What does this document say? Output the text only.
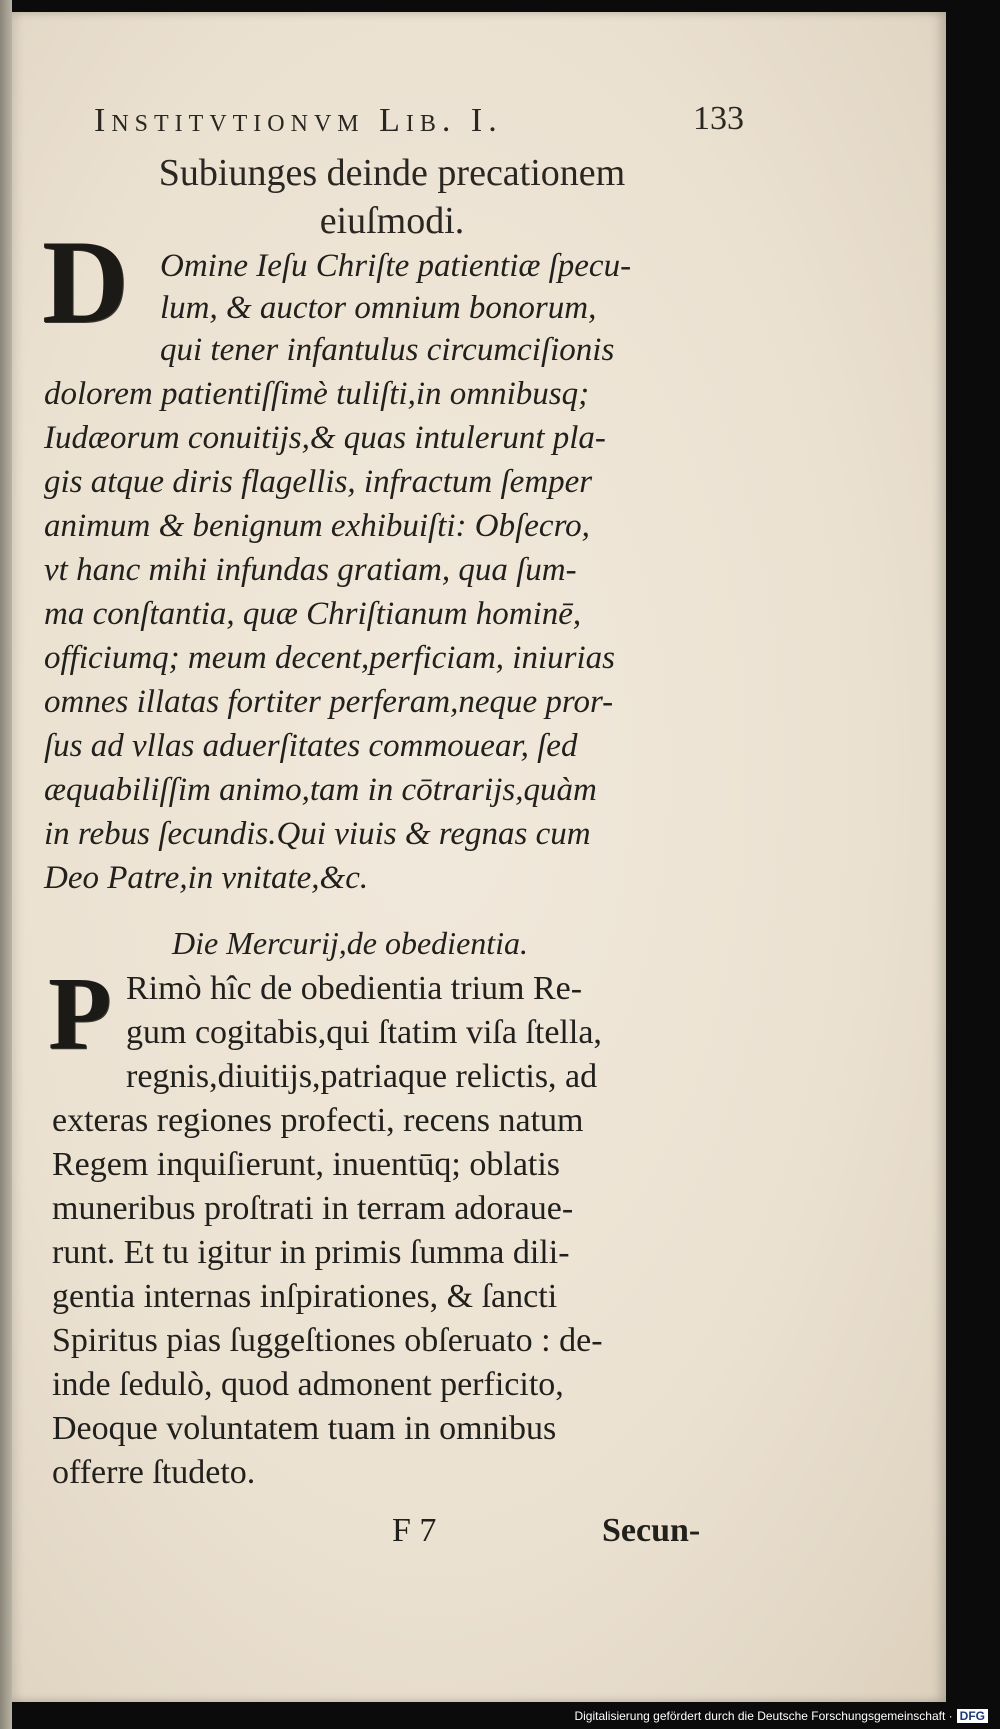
Institvtionvm Lib. I.	133
Subiunges deinde precationem
eiuſmodi.
D Omine Ieſu Chriſte patientiæ ſpecu-
lum, & auctor omnium bonorum,
qui tener infantulus circumciſionis
dolorem patientiſſimè tuliſti,in omnibusq;
Iudæorum conuitijs,& quas intulerunt pla-
gis atque diris flagellis, infractum ſemper
animum & benignum exhibuiſti: Obſecro,
vt hanc mihi infundas gratiam, qua ſum-
ma conſtantia, quæ Chriſtianum hominē,
officiumq; meum decent,perficiam, iniurias
omnes illatas fortiter perferam,neque pror-
ſus ad vllas aduerſitates commouear, ſed
æquabiliſſim animo,tam in cōtrarijs,quàm
in rebus ſecundis.Qui viuis & regnas cum
Deo Patre,in vnitate,&c.
Die Mercurij,de obedientia.
P Rimò hîc de obedientia trium Re-
gum cogitabis,qui ſtatim viſa ſtella,
regnis,diuitijs,patriaque relictis, ad
exteras regiones profecti, recens natum
Regem inquiſierunt, inuentūq; oblatis
muneribus proſtrati in terram adoraue-
runt. Et tu igitur in primis ſumma dili-
gentia internas inſpirationes, & ſancti
Spiritus pias ſuggeſtiones obſeruato : de-
inde ſedulò, quod admonent perficito,
Deoque voluntatem tuam in omnibus
offerre ſtudeto.
F 7	Secun-
Digitalisierung gefördert durch die Deutsche Forschungsgemeinschaft · DFG
